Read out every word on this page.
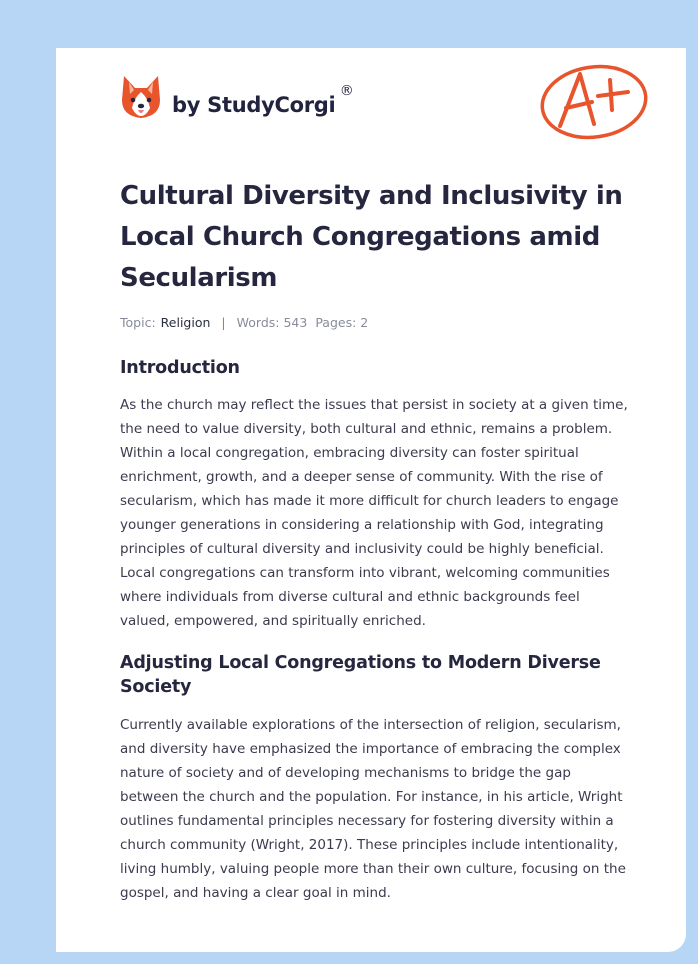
by StudyCorgi
®
Cultural Diversity and Inclusivity in Local Church Congregations amid Secularism
Topic: Religion | Words: 543 Pages: 2
Introduction

As the church may reflect the issues that persist in society at a given time, the need to value diversity, both cultural and ethnic, remains a problem. Within a local congregation, embracing diversity can foster spiritual enrichment, growth, and a deeper sense of community. With the rise of secularism, which has made it more difficult for church leaders to engage younger generations in considering a relationship with God, integrating principles of cultural diversity and inclusivity could be highly beneficial. Local congregations can transform into vibrant, welcoming communities where individuals from diverse cultural and ethnic backgrounds feel valued, empowered, and spiritually enriched.

Adjusting Local Congregations to Modern Diverse Society

Currently available explorations of the intersection of religion, secularism, and diversity have emphasized the importance of embracing the complex nature of society and of developing mechanisms to bridge the gap between the church and the population. For instance, in his article, Wright outlines fundamental principles necessary for fostering diversity within a church community (Wright, 2017). These principles include intentionality, living humbly, valuing people more than their own culture, focusing on the gospel, and having a clear goal in mind.
